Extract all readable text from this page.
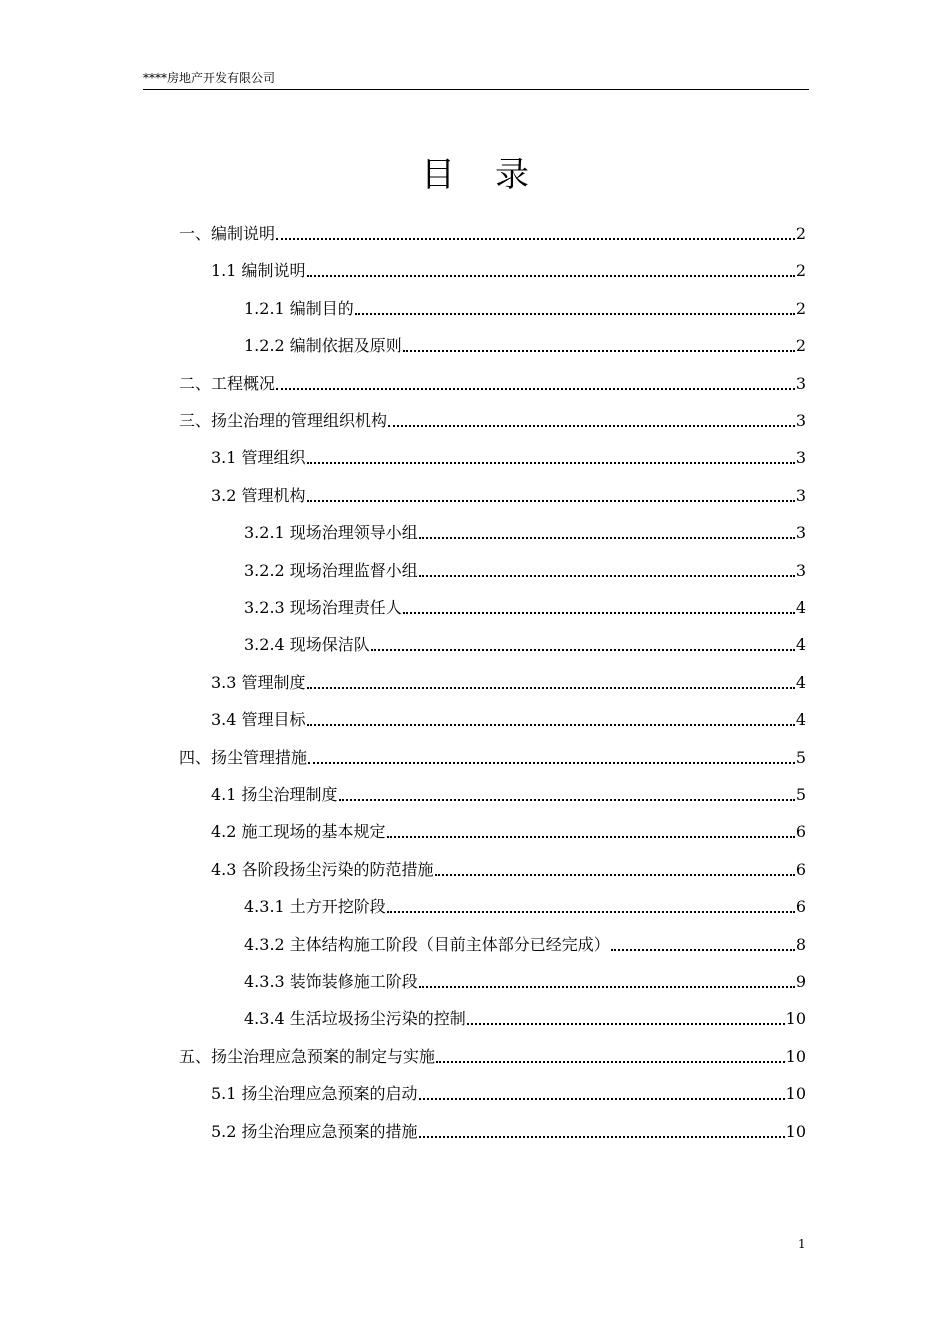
****房地产开发有限公司
目录
一、编制说明	2
1.1 编制说明	2
1.2.1 编制目的	2
1.2.2 编制依据及原则	2
二、工程概况	3
三、扬尘治理的管理组织机构	3
3.1 管理组织	3
3.2 管理机构	3
3.2.1 现场治理领导小组	3
3.2.2 现场治理监督小组	3
3.2.3 现场治理责任人	4
3.2.4 现场保洁队	4
3.3 管理制度	4
3.4 管理目标	4
四、扬尘管理措施	5
4.1 扬尘治理制度	5
4.2 施工现场的基本规定	6
4.3 各阶段扬尘污染的防范措施	6
4.3.1 土方开挖阶段	6
4.3.2 主体结构施工阶段（目前主体部分已经完成）	8
4.3.3 装饰装修施工阶段	9
4.3.4 生活垃圾扬尘污染的控制	10
五、扬尘治理应急预案的制定与实施	10
5.1 扬尘治理应急预案的启动	10
5.2 扬尘治理应急预案的措施	10
1
